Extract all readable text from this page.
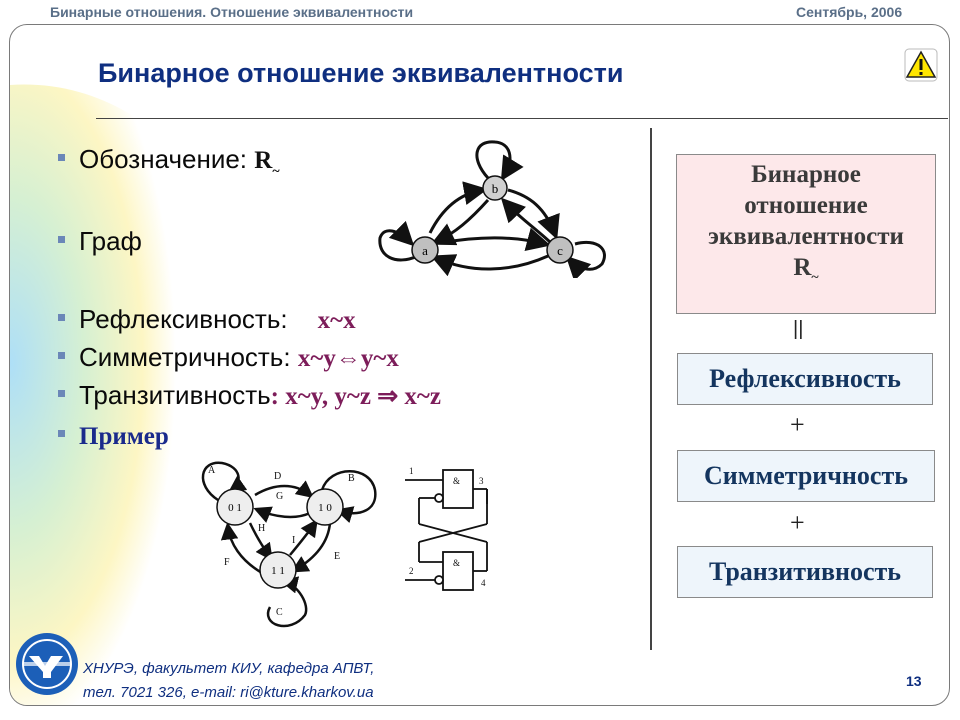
Бинарные отношения. Отношение эквивалентности	Сентябрь, 2006
Бинарное отношение эквивалентности
Обозначение: $R_\sim$
Граф
Рефлексивность: x~x
Симметричность: x~y⇔y~x
Транзитивность: x~y, y~z ⇒ x~z
Пример
b
a	c
0 1	1 0
1 1
A
B
C
D
E
F
G
H
I
&
&
1
2
3
4
Бинарное
отношение
эквивалентности
$R_\sim$
||
Рефлексивность
+
Симметричность
+
Транзитивность
ХНУРЭ, факультет КИУ, кафедра АПВТ,
тел. 7021 326, e-mail: ri@kture.kharkov.ua
13
